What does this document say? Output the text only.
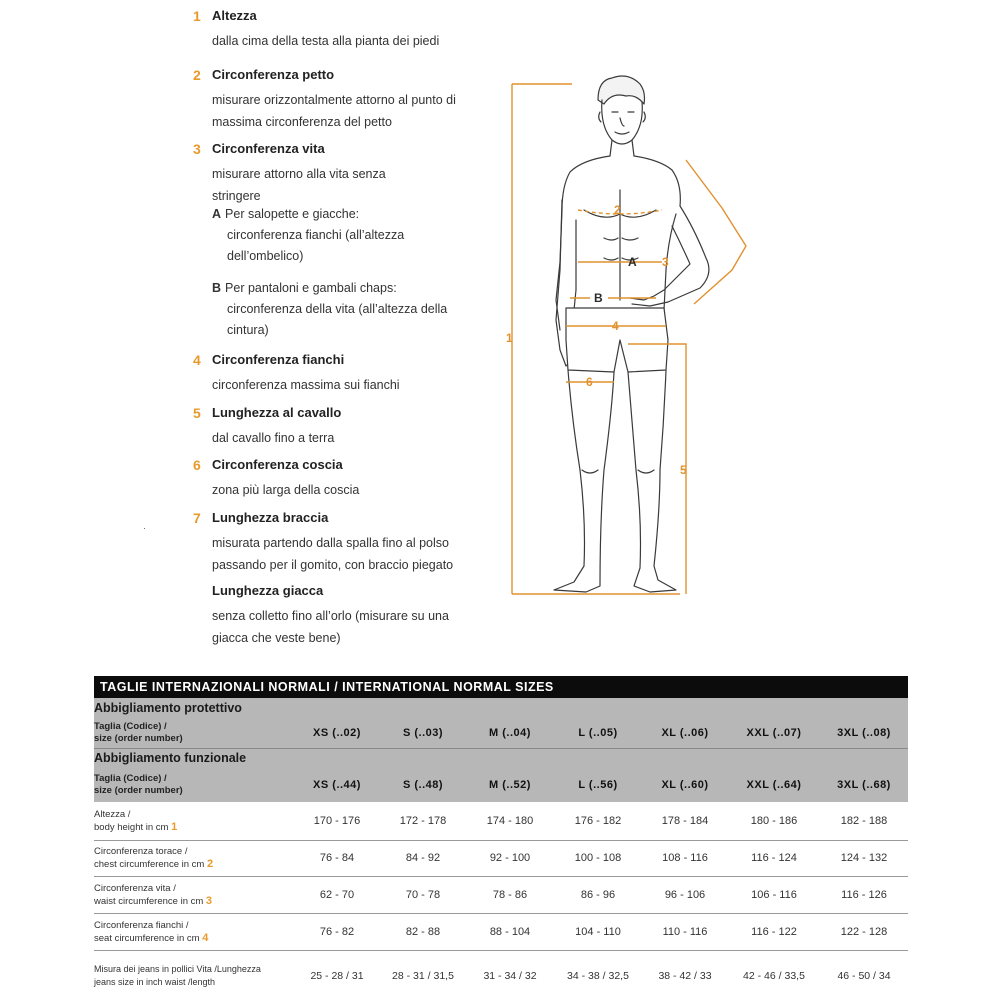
1 Altezza
dalla cima della testa alla pianta dei piedi
2 Circonferenza petto
misurare orizzontalmente attorno al punto di massima circonferenza del petto
3 Circonferenza vita
misurare attorno alla vita senza stringere
A Per salopette e giacche:
circonferenza fianchi (all’altezza dell’ombelico)
B Per pantaloni e gambali chaps:
circonferenza della vita (all’altezza della cintura)
4 Circonferenza fianchi
circonferenza massima sui fianchi
5 Lunghezza al cavallo
dal cavallo fino a terra
6 Circonferenza coscia
zona più larga della coscia
7 Lunghezza braccia
misurata partendo dalla spalla fino al polso passando per il gomito, con braccio piegato
Lunghezza giacca
senza colletto fino all’orlo (misurare su una giacca che veste bene)
·
1
2
3
4
5
6
A
B
TAGLIE INTERNAZIONALI NORMALI / INTERNATIONAL NORMAL SIZES							
Abbigliamento protettivo							

Taglia (Codice) /
size (order number)	XS (..02)	S (..03)	M (..04)	L (..05)	XL (..06)	XXL (..07)	3XL (..08)
Abbigliamento funzionale							

Taglia (Codice) /
size (order number)	XS (..44)	S (..48)	M (..52)	L (..56)	XL (..60)	XXL (..64)	3XL (..68)

Altezza /
body height in cm 1	170 - 176	172 - 178	174 - 180	176 - 182	178 - 184	180 - 186	182 - 188

Circonferenza torace /
chest circumference in cm 2	76 - 84	84 - 92	92 - 100	100 - 108	108 - 116	116 - 124	124 - 132

Circonferenza vita /
waist circumference in cm 3	62 - 70	70 - 78	78 - 86	86 - 96	96 - 106	106 - 116	116 - 126

Circonferenza fianchi /
seat circumference in cm 4	76 - 82	82 - 88	88 - 104	104 - 110	110 - 116	116 - 122	122 - 128

Misura dei jeans in pollici Vita /Lunghezza
jeans size in inch waist /length	25 - 28 / 31	28 - 31 / 31,5	31 - 34 / 32	34 - 38 / 32,5	38 - 42 / 33	42 - 46 / 33,5	46 - 50 / 34
